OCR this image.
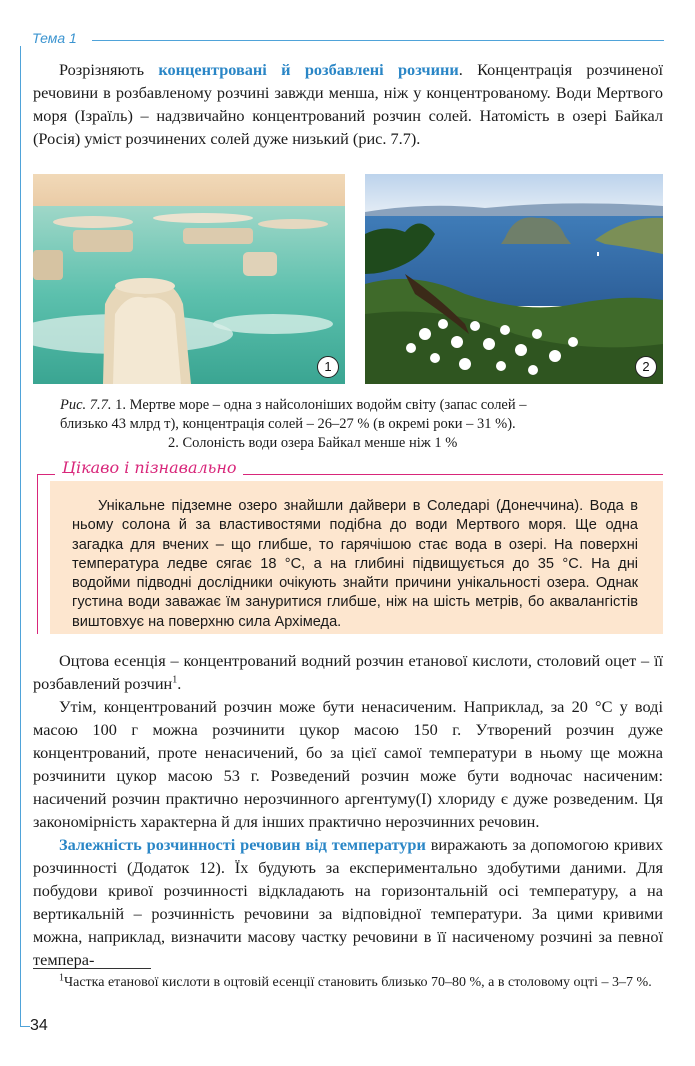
Тема 1
Розрізняють концентровані й розбавлені розчини. Концентрація розчиненої речовини в розбавленому розчині завжди менша, ніж у концентрованому. Води Мертвого моря (Ізраїль) – надзвичайно концентрований розчин солей. Натомість в озері Байкал (Росія) уміст розчинених солей дуже низький (рис. 7.7).
1	2
Рис. 7.7. 1. Мертве море – одна з найсолоніших водойм світу (запас солей –
близько 43 млрд т), концентрація солей – 26–27 % (в окремі роки – 31 %).
2. Солоність води озера Байкал менше ніж 1 %
Цікаво і пізнавально
Унікальне підземне озеро знайшли дайвери в Соледарі (Донеччина). Вода в ньому солона й за властивостями подібна до води Мертвого моря. Ще одна загадка для вчених – що глибше, то гарячішою стає вода в озері. На поверхні температура ледве сягає 18 °С, а на глибині підвищується до 35 °С. На дні водойми підводні дослідники очікують знайти причини унікальності озера. Однак густина води заважає їм зануритися глибше, ніж на шість метрів, бо аквалангістів виштовхує на поверхню сила Архімеда.
Оцтова есенція – концентрований водний розчин етанової кислоти, столовий оцет – її розбавлений розчин$^1$.
Утім, концентрований розчин може бути ненасиченим. Наприклад, за 20 °С у воді масою 100 г можна розчинити цукор масою 150 г. Утворений розчин дуже концентрований, проте ненасичений, бо за цієї самої температури в ньому ще можна розчинити цукор масою 53 г. Розведений розчин може бути водночас насиченим: насичений розчин практично нерозчинного аргентуму(І) хлориду є дуже розведеним. Ця закономірність характерна й для інших практично нерозчинних речовин.
Залежність розчинності речовин від температури виражають за допомогою кривих розчинності (Додаток 12). Їх будують за експериментально здобутими даними. Для побудови кривої розчинності відкладають на горизонтальній осі температуру, а на вертикальній – розчинність речовини за відповідної температури. За цими кривими можна, наприклад, визначити масову частку речовини в її насиченому розчині за певної темпера-
$^1$Частка етанової кислоти в оцтовій есенції становить близько 70–80 %, а в столовому оцті – 3–7 %.
34
